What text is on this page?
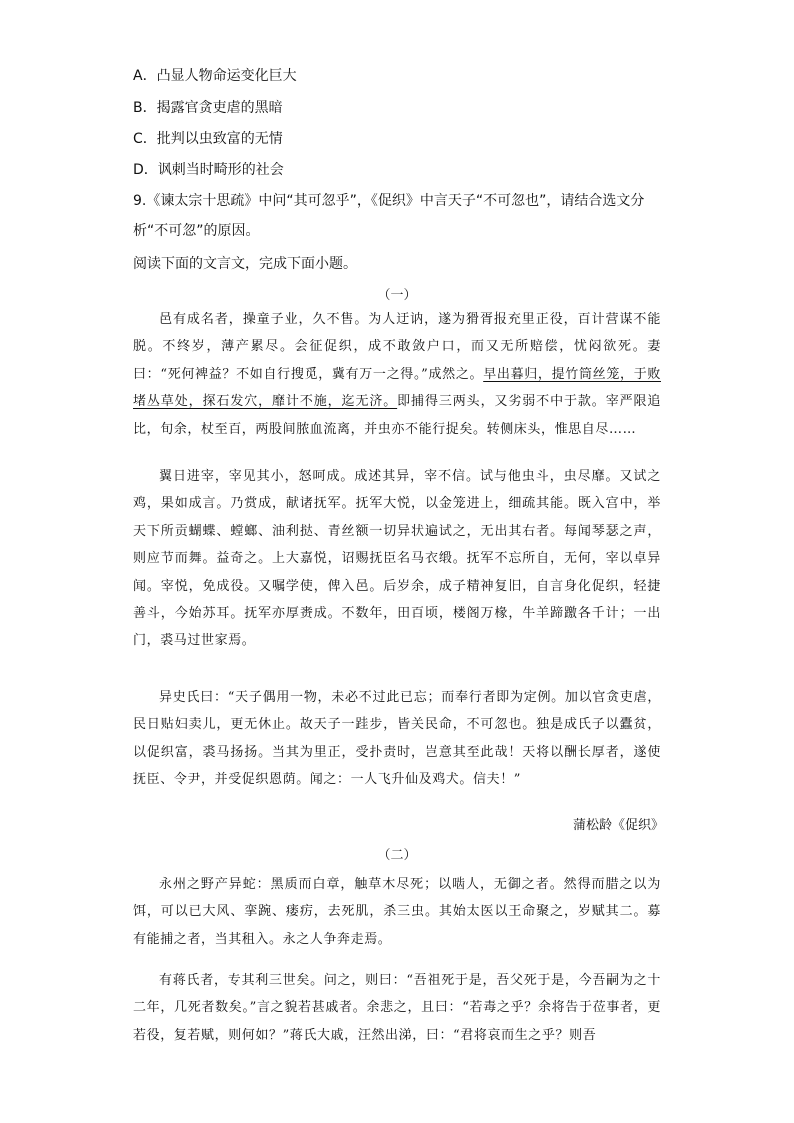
A．凸显人物命运变化巨大
B．揭露官贪吏虐的黑暗
C．批判以虫致富的无情
D．讽刺当时畸形的社会
9.《谏太宗十思疏》中问“其可忽乎”，《促织》中言天子“不可忽也”，请结合选文分析“不可忽”的原因。
阅读下面的文言文，完成下面小题。
（一）
邑有成名者，操童子业，久不售。为人迂讷，遂为猾胥报充里正役，百计营谋不能脱。不终岁，薄产累尽。会征促织，成不敢敛户口，而又无所赔偿，忧闷欲死。妻曰：“死何裨益？不如自行搜觅，冀有万一之得。”成然之。早出暮归，提竹筒丝笼，于败堵丛草处，探石发穴，靡计不施，迄无济。即捕得三两头，又劣弱不中于款。宰严限追比，旬余，杖至百，两股间脓血流离，并虫亦不能行捉矣。转侧床头，惟思自尽……
翼日进宰，宰见其小，怒呵成。成述其异，宰不信。试与他虫斗，虫尽靡。又试之鸡，果如成言。乃赏成，献诸抚军。抚军大悦，以金笼进上，细疏其能。既入宫中，举天下所贡蝴蝶、螳螂、油利挞、青丝额一切异状遍试之，无出其右者。每闻琴瑟之声，则应节而舞。益奇之。上大嘉悦，诏赐抚臣名马衣缎。抚军不忘所自，无何，宰以卓异闻。宰悦，免成役。又嘱学使，俾入邑。后岁余，成子精神复旧，自言身化促织，轻捷善斗，今始苏耳。抚军亦厚赉成。不数年，田百顷，楼阁万椽，牛羊蹄躈各千计；一出门，裘马过世家焉。
异史氏曰：“天子偶用一物，未必不过此已忘；而奉行者即为定例。加以官贪吏虐，民日贴妇卖儿，更无休止。故天子一跬步，皆关民命，不可忽也。独是成氏子以蠹贫，以促织富，裘马扬扬。当其为里正，受扑责时，岂意其至此哉！天将以酬长厚者，遂使抚臣、令尹，并受促织恩荫。闻之：一人飞升仙及鸡犬。信夫！”
蒲松龄《促织》
（二）
永州之野产异蛇：黑质而白章，触草木尽死；以啮人，无御之者。然得而腊之以为饵，可以已大风、挛踠、瘘疠，去死肌，杀三虫。其始太医以王命聚之，岁赋其二。募有能捕之者，当其租入。永之人争奔走焉。
有蒋氏者，专其利三世矣。问之，则曰：“吾祖死于是，吾父死于是，今吾嗣为之十二年，几死者数矣。”言之貌若甚戚者。余悲之，且曰：“若毒之乎？余将告于莅事者，更若役，复若赋，则何如？”蒋氏大戚，汪然出涕，曰：“君将哀而生之乎？则吾
